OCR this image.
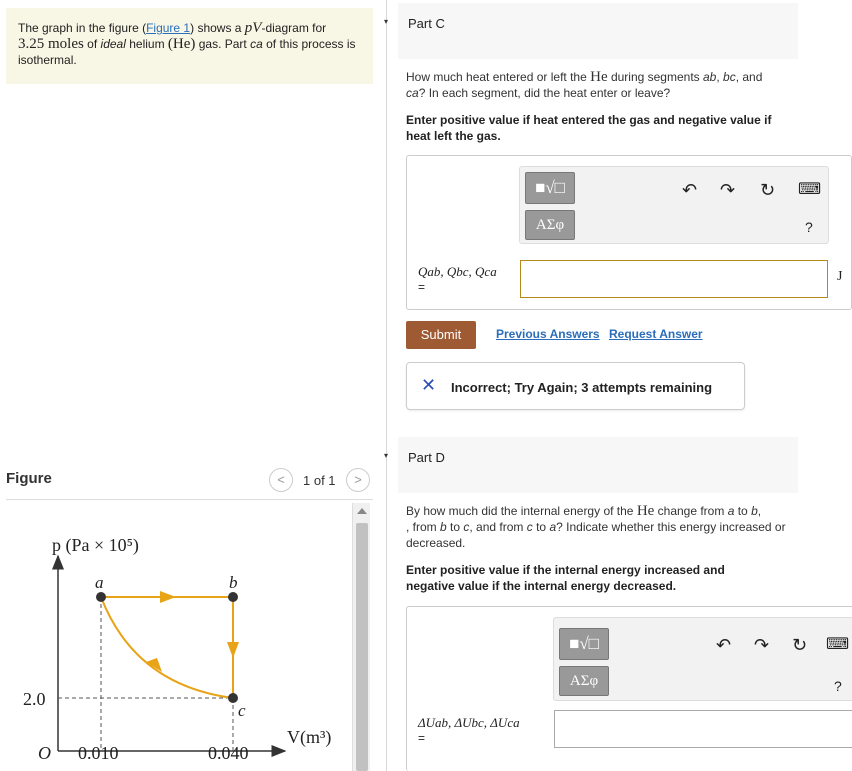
The graph in the figure (Figure 1) shows a pV-diagram for
3.25 moles of ideal helium (He) gas. Part ca of this process is isothermal.
Figure	<	1 of 1	>
p (Pa × 10⁵)
V(m³)
a	b
c
O 0.010	0.040
2.0
▾ Part C
How much heat entered or left the He during segments ab, bc, and
ca? In each segment, did the heat enter or leave?
Enter positive value if heat entered the gas and negative value if heat left the gas.
■√□
ΑΣφ
↶ ↷ ↻ ⌨
?
Qab, Qbc, Qca
=
J
Submit	Previous Answers Request Answer
✕ Incorrect; Try Again; 3 attempts remaining
▾ Part D
By how much did the internal energy of the He change from a to b,
, from b to c, and from c to a? Indicate whether this energy increased or decreased.
Enter positive value if the internal energy increased and negative value if the internal energy decreased.
■√□
ΑΣφ
↶ ↷ ↻ ⌨
?
ΔUab, ΔUbc, ΔUca
=
